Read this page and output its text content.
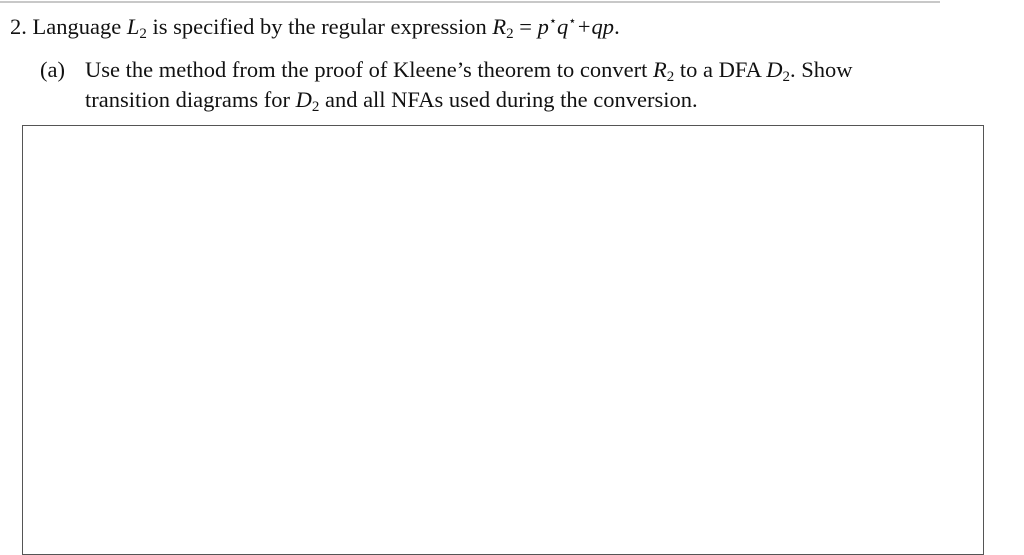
2. Language $L_2$ is specified by the regular expression $R_2 = p^⋆q^⋆+qp$.
(a) Use the method from the proof of Kleene’s theorem to convert $R_2$ to a DFA $D_2$. Show
transition diagrams for $D_2$ and all NFAs used during the conversion.
